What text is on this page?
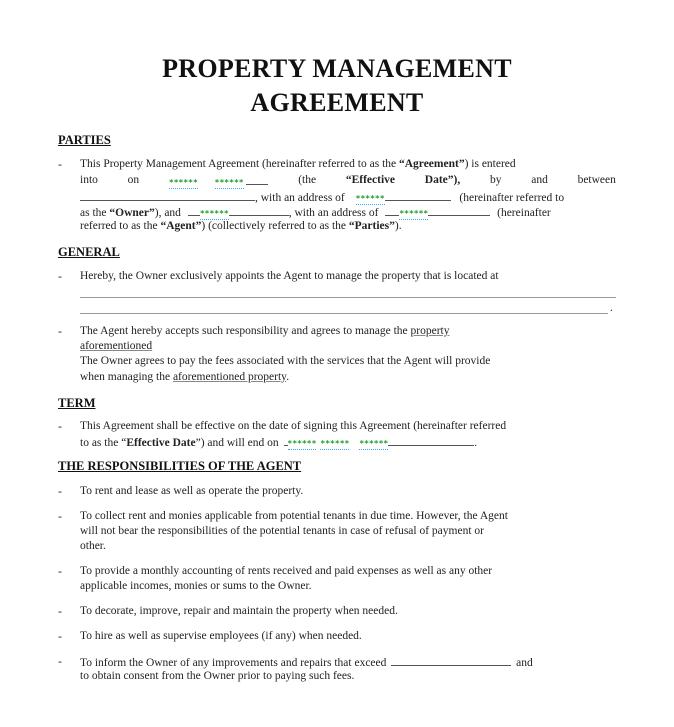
PROPERTY MANAGEMENT
AGREEMENT
PARTIES
- This Property Management Agreement (hereinafter referred to as the “Agreement”) is entered
into	on	****** ******	(the	“Effective	Date”),	by	and	between
, with an address of ******	(hereinafter referred to
as the “Owner”), and ******	, with an address of	******	(hereinafter
referred to as the “Agent”) (collectively referred to as the “Parties”).
GENERAL
- Hereby, the Owner exclusively appoints the Agent to manage the property that is located at
.
- The Agent hereby accepts such responsibility and agrees to manage the property
aforementioned
The Owner agrees to pay the fees associated with the services that the Agent will provide
when managing the aforementioned property.
TERM
- This Agreement shall be effective on the date of signing this Agreement (hereinafter referred
to as the “Effective Date”) and will end on ****** ****** ******	.
THE RESPONSIBILITIES OF THE AGENT
- To rent and lease as well as operate the property.
- To collect rent and monies applicable from potential tenants in due time. However, the Agent
will not bear the responsibilities of the potential tenants in case of refusal of payment or
other.
- To provide a monthly accounting of rents received and paid expenses as well as any other
applicable incomes, monies or sums to the Owner.
- To decorate, improve, repair and maintain the property when needed.
- To hire as well as supervise employees (if any) when needed.
- To inform the Owner of any improvements and repairs that exceed	and
to obtain consent from the Owner prior to paying such fees.
